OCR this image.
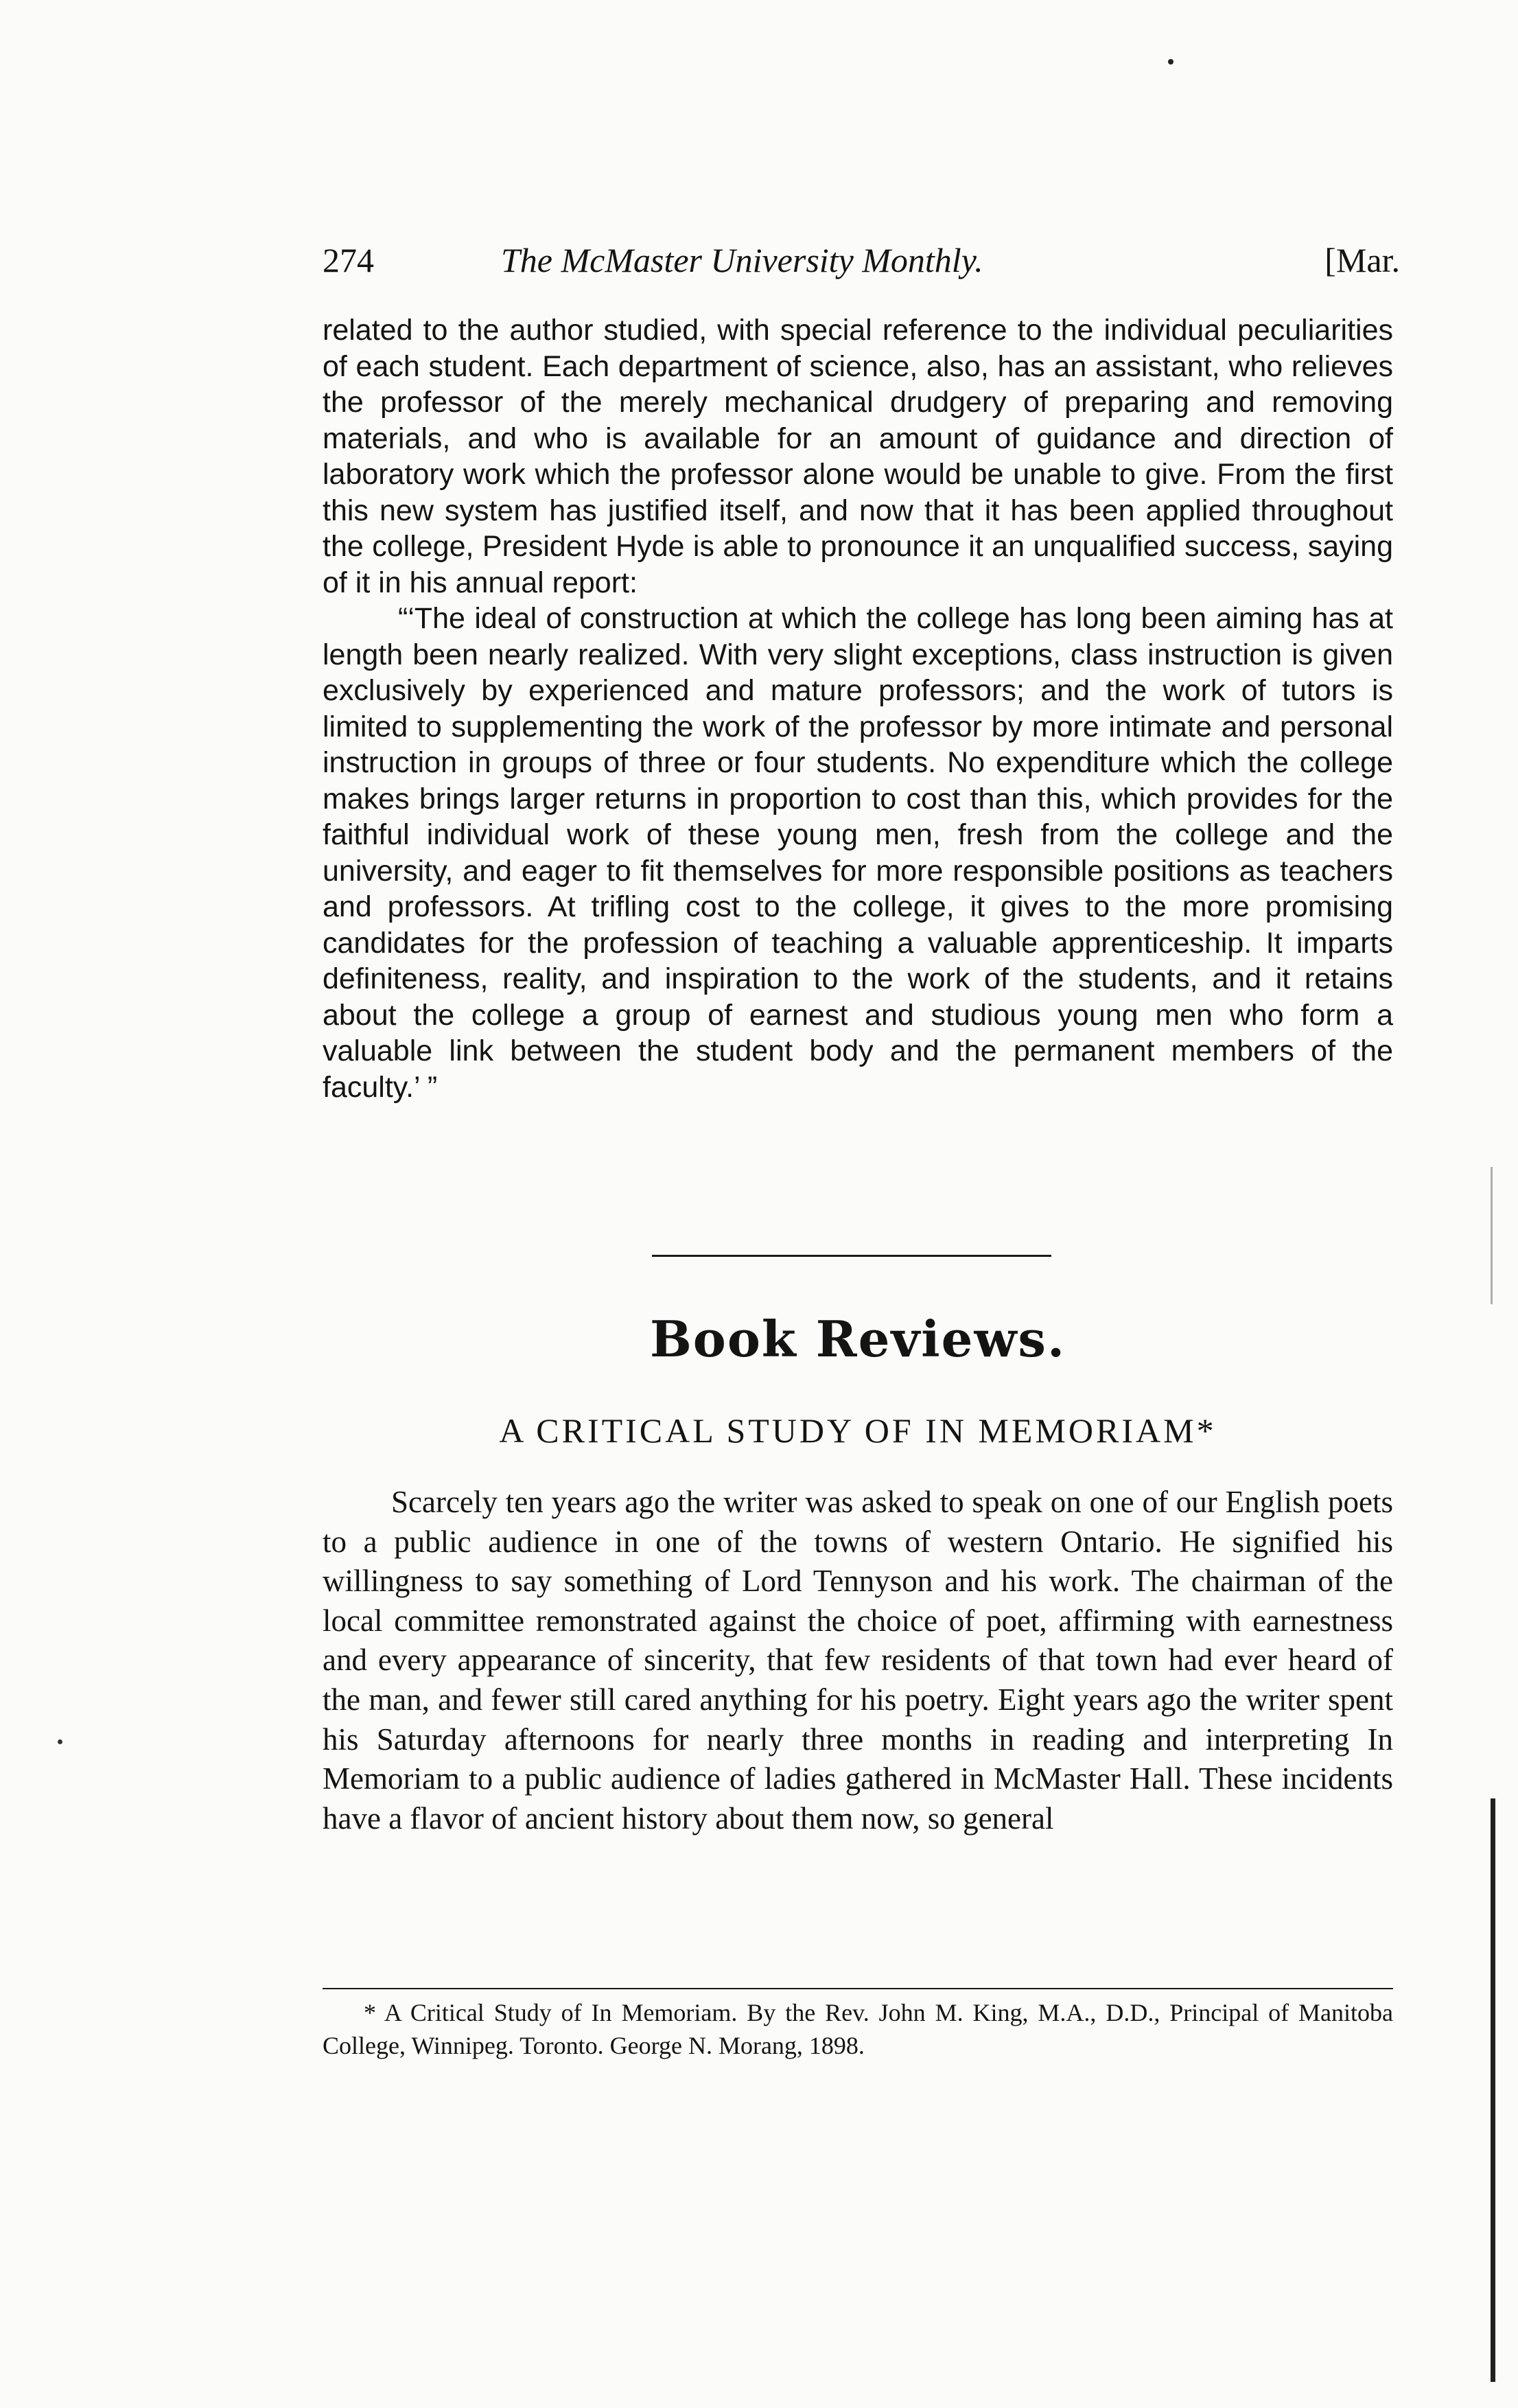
274	The McMaster University Monthly.	[Mar.

related to the author studied, with special reference to the individual peculiarities of each student. Each department of science, also, has an assistant, who relieves the professor of the merely mechanical drudgery of preparing and removing materials, and who is available for an amount of guidance and direction of laboratory work which the professor alone would be unable to give. From the first this new system has justified itself, and now that it has been applied throughout the college, President Hyde is able to pronounce it an unqualified success, saying of it in his annual report:

“‘The ideal of construction at which the college has long been aiming has at length been nearly realized. With very slight exceptions, class instruction is given exclusively by experienced and mature professors; and the work of tutors is limited to supplementing the work of the professor by more intimate and personal instruction in groups of three or four students. No expenditure which the college makes brings larger returns in proportion to cost than this, which provides for the faithful individual work of these young men, fresh from the college and the university, and eager to fit themselves for more responsible positions as teachers and professors. At trifling cost to the college, it gives to the more promising candidates for the profession of teaching a valuable apprenticeship. It imparts definiteness, reality, and inspiration to the work of the students, and it retains about the college a group of earnest and studious young men who form a valuable link between the student body and the permanent members of the faculty.’ ”

Book Reviews.
A CRITICAL STUDY OF IN MEMORIAM*

Scarcely ten years ago the writer was asked to speak on one of our English poets to a public audience in one of the towns of western Ontario. He signified his willingness to say something of Lord Tennyson and his work. The chairman of the local committee remonstrated against the choice of poet, affirming with earnestness and every appearance of sincerity, that few residents of that town had ever heard of the man, and fewer still cared anything for his poetry. Eight years ago the writer spent his Saturday afternoons for nearly three months in reading and interpreting In Memoriam to a public audience of ladies gathered in McMaster Hall. These incidents have a flavor of ancient history about them now, so general

* A Critical Study of In Memoriam. By the Rev. John M. King, M.A., D.D., Principal of Manitoba College, Winnipeg. Toronto. George N. Morang, 1898.
